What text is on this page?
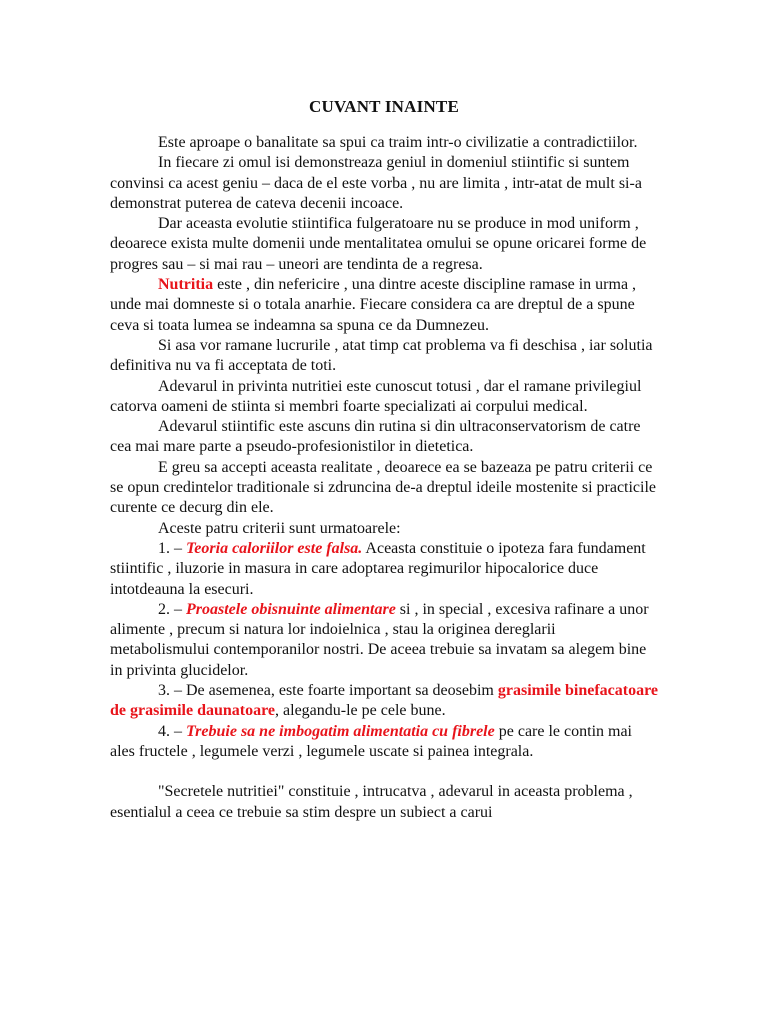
CUVANT INAINTE

Este aproape o banalitate sa spui ca traim intr-o civilizatie a contradictiilor.

In fiecare zi omul isi demonstreaza geniul in domeniul stiintific si suntem convinsi ca acest geniu – daca de el este vorba , nu are limita , intr-atat de mult si-a demonstrat puterea de cateva decenii incoace.

Dar aceasta evolutie stiintifica fulgeratoare nu se produce in mod uniform , deoarece exista multe domenii unde mentalitatea omului se opune oricarei forme de progres sau – si mai rau – uneori are tendinta de a regresa.

Nutritia este , din nefericire , una dintre aceste discipline ramase in urma , unde mai domneste si o totala anarhie. Fiecare considera ca are dreptul de a spune ceva si toata lumea se indeamna sa spuna ce da Dumnezeu.

Si asa vor ramane lucrurile , atat timp cat problema va fi deschisa , iar solutia definitiva nu va fi acceptata de toti.

Adevarul in privinta nutritiei este cunoscut totusi , dar el ramane privilegiul catorva oameni de stiinta si membri foarte specializati ai corpului medical.

Adevarul stiintific este ascuns din rutina si din ultraconservatorism de catre cea mai mare parte a pseudo-profesionistilor in dietetica.

E greu sa accepti aceasta realitate , deoarece ea se bazeaza pe patru criterii ce se opun credintelor traditionale si zdruncina de-a dreptul ideile mostenite si practicile curente ce decurg din ele.

Aceste patru criterii sunt urmatoarele:

1. – Teoria caloriilor este falsa. Aceasta constituie o ipoteza fara fundament stiintific , iluzorie in masura in care adoptarea regimurilor hipocalorice duce intotdeauna la esecuri.

2. – Proastele obisnuinte alimentare si , in special , excesiva rafinare a unor alimente , precum si natura lor indoielnica , stau la originea dereglarii metabolismului contemporanilor nostri. De aceea trebuie sa invatam sa alegem bine in privinta glucidelor.

3. – De asemenea, este foarte important sa deosebim grasimile binefacatoare de grasimile daunatoare, alegandu-le pe cele bune.

4. – Trebuie sa ne imbogatim alimentatia cu fibrele pe care le contin mai ales fructele , legumele verzi , legumele uscate si painea integrala.

"Secretele nutritiei" constituie , intrucatva , adevarul in aceasta problema , esentialul a ceea ce trebuie sa stim despre un subiect a carui
